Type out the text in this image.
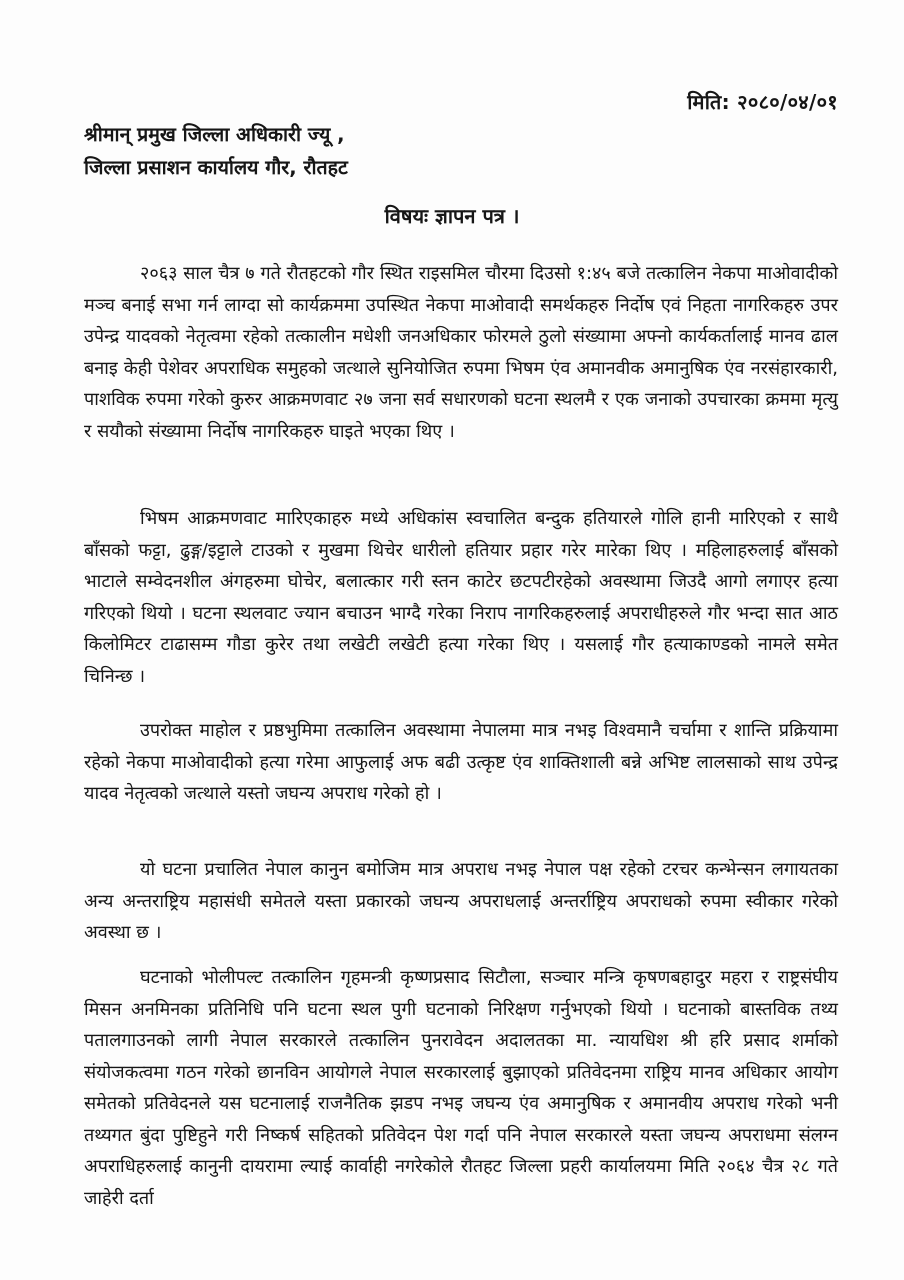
मिति: २०८०/०४/०१
श्रीमान् प्रमुख जिल्ला अधिकारी ज्यू ,
जिल्ला प्रसाशन कार्यालय गौर, रौतहट
विषयः ज्ञापन पत्र ।

२०६३ साल चैत्र ७ गते रौतहटको गौर स्थित राइसमिल चौरमा दिउसो १:४५ बजे तत्कालिन नेकपा माओवादीको मञ्च बनाई सभा गर्न लाग्दा सो कार्यक्रममा उपस्थित नेकपा माओवादी समर्थकहरु निर्दोष एवं निहता नागरिकहरु उपर उपेन्द्र यादवको नेतृत्वमा रहेको तत्कालीन मधेशी जनअधिकार फोरमले ठुलो संख्यामा अफ्नो कार्यकर्तालाई मानव ढाल बनाइ केही पेशेवर अपराधिक समुहको जत्थाले सुनियोजित रुपमा भिषम एंव अमानवीक अमानुषिक एंव नरसंहारकारी, पाशविक रुपमा गरेको कुरुर आक्रमणवाट २७ जना सर्व सधारणको घटना स्थलमै र एक जनाको उपचारका क्रममा मृत्यु र सयौको संख्यामा निर्दोष नागरिकहरु घाइते भएका थिए ।

भिषम आक्रमणवाट मारिएकाहरु मध्ये अधिकांस स्वचालित बन्दुक हतियारले गोलि हानी मारिएको र साथै बाँसको फट्टा, ढुङ्ग/इट्टाले टाउको र मुखमा थिचेर धारीलो हतियार प्रहार गरेर मारेका थिए । महिलाहरुलाई बाँसको भाटाले सम्वेदनशील अंगहरुमा घोचेर, बलात्कार गरी स्तन काटेर छटपटीरहेको अवस्थामा जिउदै आगो लगाएर हत्या गरिएको थियो । घटना स्थलवाट ज्यान बचाउन भाग्दै गरेका निराप नागरिकहरुलाई अपराधीहरुले गौर भन्दा सात आठ किलोमिटर टाढासम्म गौडा कुरेर तथा लखेटी लखेटी हत्या गरेका थिए । यसलाई गौर हत्याकाण्डको नामले समेत चिनिन्छ ।

उपरोक्त माहोल र प्रष्ठभुमिमा तत्कालिन अवस्थामा नेपालमा मात्र नभइ विश्वमानै चर्चामा र शान्ति प्रक्रियामा रहेको नेकपा माओवादीको हत्या गरेमा आफुलाई अफ बढी उत्कृष्ट एंव शाक्तिशाली बन्ने अभिष्ट लालसाको साथ उपेन्द्र यादव नेतृत्वको जत्थाले यस्तो जघन्य अपराध गरेको हो ।

यो घटना प्रचालित नेपाल कानुन बमोजिम मात्र अपराध नभइ नेपाल पक्ष रहेको टरचर कन्भेन्सन लगायतका अन्य अन्तराष्ट्रिय महासंधी समेतले यस्ता प्रकारको जघन्य अपराधलाई अन्तर्राष्ट्रिय अपराधको रुपमा स्वीकार गरेको अवस्था छ ।

घटनाको भोलीपल्ट तत्कालिन गृहमन्त्री कृष्णप्रसाद सिटौला, सञ्चार मन्त्रि कृषणबहादुर महरा र राष्ट्रसंघीय मिसन अनमिनका प्रतिनिधि पनि घटना स्थल पुगी घटनाको निरिक्षण गर्नुभएको थियो । घटनाको बास्तविक तथ्य पतालगाउनको लागी नेपाल सरकारले तत्कालिन पुनरावेदन अदालतका मा. न्यायधिश श्री हरि प्रसाद शर्माको संयोजकत्वमा गठन गरेको छानविन आयोगले नेपाल सरकारलाई बुझाएको प्रतिवेदनमा राष्ट्रिय मानव अधिकार आयोग समेतको प्रतिवेदनले यस घटनालाई राजनैतिक झडप नभइ जघन्य एंव अमानुषिक र अमानवीय अपराध गरेको भनी तथ्यगत बुंदा पुष्टिहुने गरी निष्कर्ष सहितको प्रतिवेदन पेश गर्दा पनि नेपाल सरकारले यस्ता जघन्य अपराधमा संलग्न अपराधिहरुलाई कानुनी दायरामा ल्याई कार्वाही नगरेकोले रौतहट जिल्ला प्रहरी कार्यालयमा मिति २०६४ चैत्र २८ गते जाहेरी दर्ता
